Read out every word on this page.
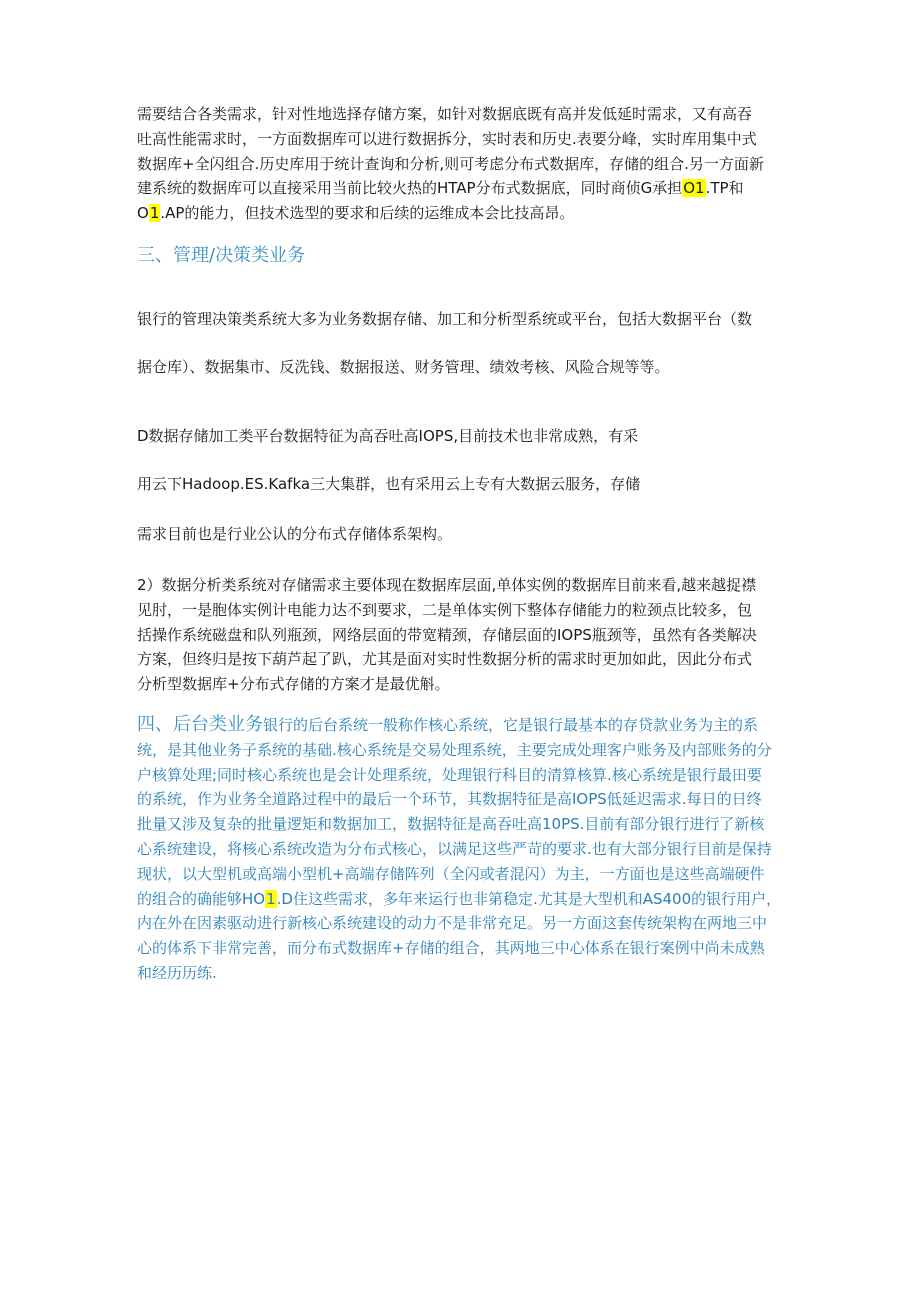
需要结合各类需求，针对性地选择存储方案，如针对数据底既有高并发低延时需求，又有高吞
吐高性能需求时，一方面数据库可以进行数据拆分，实时表和历史.表要分峰，实时库用集中式
数据库+全闪组合.历史库用于统计查询和分析,则可考虑分布式数据库，存储的组合.另一方面新
建系统的数据库可以直接采用当前比较火热的HTAP分布式数据底，同时商侦G承担O1.TP和
O1.AP的能力，但技术选型的要求和后续的运维成本会比技高昂。
三、管理/决策类业务

银行的管理决策类系统大多为业务数据存储、加工和分析型系统或平台，包括大数据平台（数

据仓库）、数据集市、反洗钱、数据报送、财务管理、绩效考核、风险合规等等。

D数据存储加工类平台数据特征为高吞吐高IOPS,目前技术也非常成熟，有采

用云下Hadoop.ES.Kafka三大集群，也有采用云上专有大数据云服务，存储

需求目前也是行业公认的分布式存储体系架构。

2）数据分析类系统对存储需求主要体现在数据库层面,单体实例的数据库目前来看,越来越捉襟
见肘，一是胞体实例计电能力达不到要求，二是单体实例下整体存储能力的粒颈点比较多，包
括操作系统磁盘和队列瓶颈，网络层面的带宽精颈，存储层面的IOPS瓶颈等，虽然有各类解决
方案，但终归是按下葫芦起了趴，尤其是面对实时性数据分析的需求时更加如此，因此分布式
分析型数据库+分布式存储的方案才是最优斛。
四、后台类业务银行的后台系统一般称作核心系统，它是银行最基本的存贷款业务为主的系
统，是其他业务子系统的基础.核心系统是交易处理系统，主要完成处理客户账务及内部账务的分
户核算处理;同时核心系统也是会计处理系统，处理银行科目的清算核算.核心系统是银行最田要
的系统，作为业务全道路过程中的最后一个环节，其数据特征是高IOPS低延迟需求.每日的日终
批量又涉及复杂的批量逻矩和数据加工，数据特征是高吞吐高10PS.目前有部分银行进行了新核
心系统建设，将核心系统改造为分布式核心，以满足这些严苛的要求.也有大部分银行目前是保持
现状，以大型机或高端小型机+高端存储阵列（全闪或者混闪）为主，一方面也是这些高端硬件
的组合的确能够HO1.D住这些需求，多年来运行也非第稳定.尤其是大型机和AS400的银行用户，
内在外在因素驱动进行新核心系统建设的动力不是非常充足。另一方面这套传统架构在两地三中
心的体系下非常完善，而分布式数据库+存储的组合，其两地三中心体系在银行案例中尚未成熟
和经历历练.
